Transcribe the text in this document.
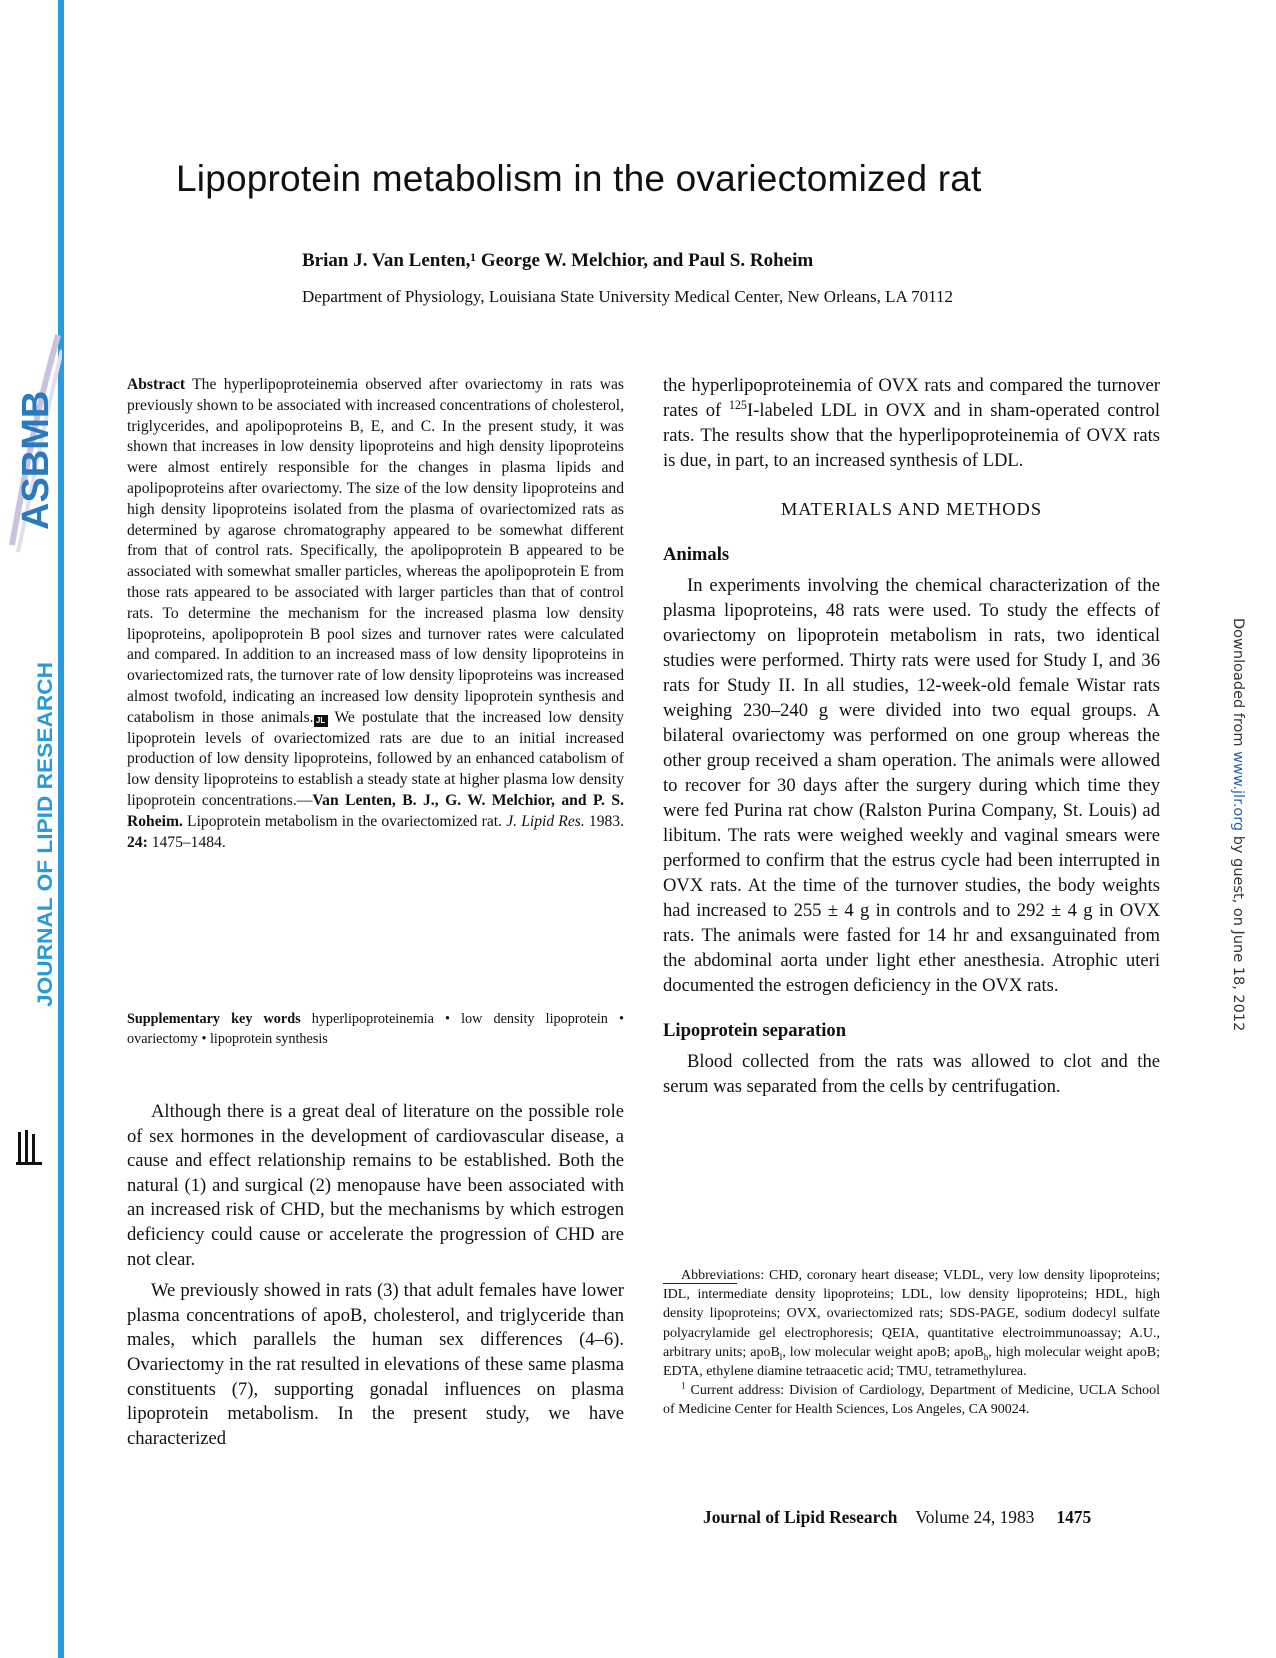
ASBMB
JOURNAL OF LIPID RESEARCH
JLR
Downloaded from www.jlr.org by guest, on June 18, 2012
Lipoprotein metabolism in the ovariectomized rat
Brian J. Van Lenten,¹ George W. Melchior, and Paul S. Roheim
Department of Physiology, Louisiana State University Medical Center, New Orleans, LA 70112

Abstract The hyperlipoproteinemia observed after ovariectomy in rats was previously shown to be associated with increased concentrations of cholesterol, triglycerides, and apolipoproteins B, E, and C. In the present study, it was shown that increases in low density lipoproteins and high density lipoproteins were almost entirely responsible for the changes in plasma lipids and apolipoproteins after ovariectomy. The size of the low density lipoproteins and high density lipoproteins isolated from the plasma of ovariectomized rats as determined by agarose chromatography appeared to be somewhat different from that of control rats. Specifically, the apolipoprotein B appeared to be associated with somewhat smaller particles, whereas the apolipoprotein E from those rats appeared to be associated with larger particles than that of control rats. To determine the mechanism for the increased plasma low density lipoproteins, apolipoprotein B pool sizes and turnover rates were calculated and compared. In addition to an increased mass of low density lipoproteins in ovariectomized rats, the turnover rate of low density lipoproteins was increased almost twofold, indicating an increased low density lipoprotein synthesis and catabolism in those animals. JL We postulate that the increased low density lipoprotein levels of ovariectomized rats are due to an initial increased production of low density lipoproteins, followed by an enhanced catabolism of low density lipoproteins to establish a steady state at higher plasma low density lipoprotein concentrations.—Van Lenten, B. J., G. W. Melchior, and P. S. Roheim. Lipoprotein metabolism in the ovariectomized rat. J. Lipid Res. 1983. 24: 1475–1484.

Supplementary key words hyperlipoproteinemia • low density lipoprotein • ovariectomy • lipoprotein synthesis

Although there is a great deal of literature on the possible role of sex hormones in the development of cardiovascular disease, a cause and effect relationship remains to be established. Both the natural (1) and surgical (2) menopause have been associated with an increased risk of CHD, but the mechanisms by which estrogen deficiency could cause or accelerate the progression of CHD are not clear.

We previously showed in rats (3) that adult females have lower plasma concentrations of apoB, cholesterol, and triglyceride than males, which parallels the human sex differences (4–6). Ovariectomy in the rat resulted in elevations of these same plasma constituents (7), supporting gonadal influences on plasma lipoprotein metabolism. In the present study, we have characterized

the hyperlipoproteinemia of OVX rats and compared the turnover rates of $^{125}$I-labeled LDL in OVX and in sham-operated control rats. The results show that the hyperlipoproteinemia of OVX rats is due, in part, to an increased synthesis of LDL.

MATERIALS AND METHODS

Animals

In experiments involving the chemical characterization of the plasma lipoproteins, 48 rats were used. To study the effects of ovariectomy on lipoprotein metabolism in rats, two identical studies were performed. Thirty rats were used for Study I, and 36 rats for Study II. In all studies, 12-week-old female Wistar rats weighing 230–240 g were divided into two equal groups. A bilateral ovariectomy was performed on one group whereas the other group received a sham operation. The animals were allowed to recover for 30 days after the surgery during which time they were fed Purina rat chow (Ralston Purina Company, St. Louis) ad libitum. The rats were weighed weekly and vaginal smears were performed to confirm that the estrus cycle had been interrupted in OVX rats. At the time of the turnover studies, the body weights had increased to 255 ± 4 g in controls and to 292 ± 4 g in OVX rats. The animals were fasted for 14 hr and exsanguinated from the abdominal aorta under light ether anesthesia. Atrophic uteri documented the estrogen deficiency in the OVX rats.

Lipoprotein separation

Blood collected from the rats was allowed to clot and the serum was separated from the cells by centrifugation.

Abbreviations: CHD, coronary heart disease; VLDL, very low density lipoproteins; IDL, intermediate density lipoproteins; LDL, low density lipoproteins; HDL, high density lipoproteins; OVX, ovariectomized rats; SDS-PAGE, sodium dodecyl sulfate polyacrylamide gel electrophoresis; QEIA, quantitative electroimmunoassay; A.U., arbitrary units; apoB$_l$, low molecular weight apoB; apoB$_h$, high molecular weight apoB; EDTA, ethylene diamine tetraacetic acid; TMU, tetramethylurea.

$^1$ Current address: Division of Cardiology, Department of Medicine, UCLA School of Medicine Center for Health Sciences, Los Angeles, CA 90024.

Journal of Lipid Research Volume 24, 1983 1475
